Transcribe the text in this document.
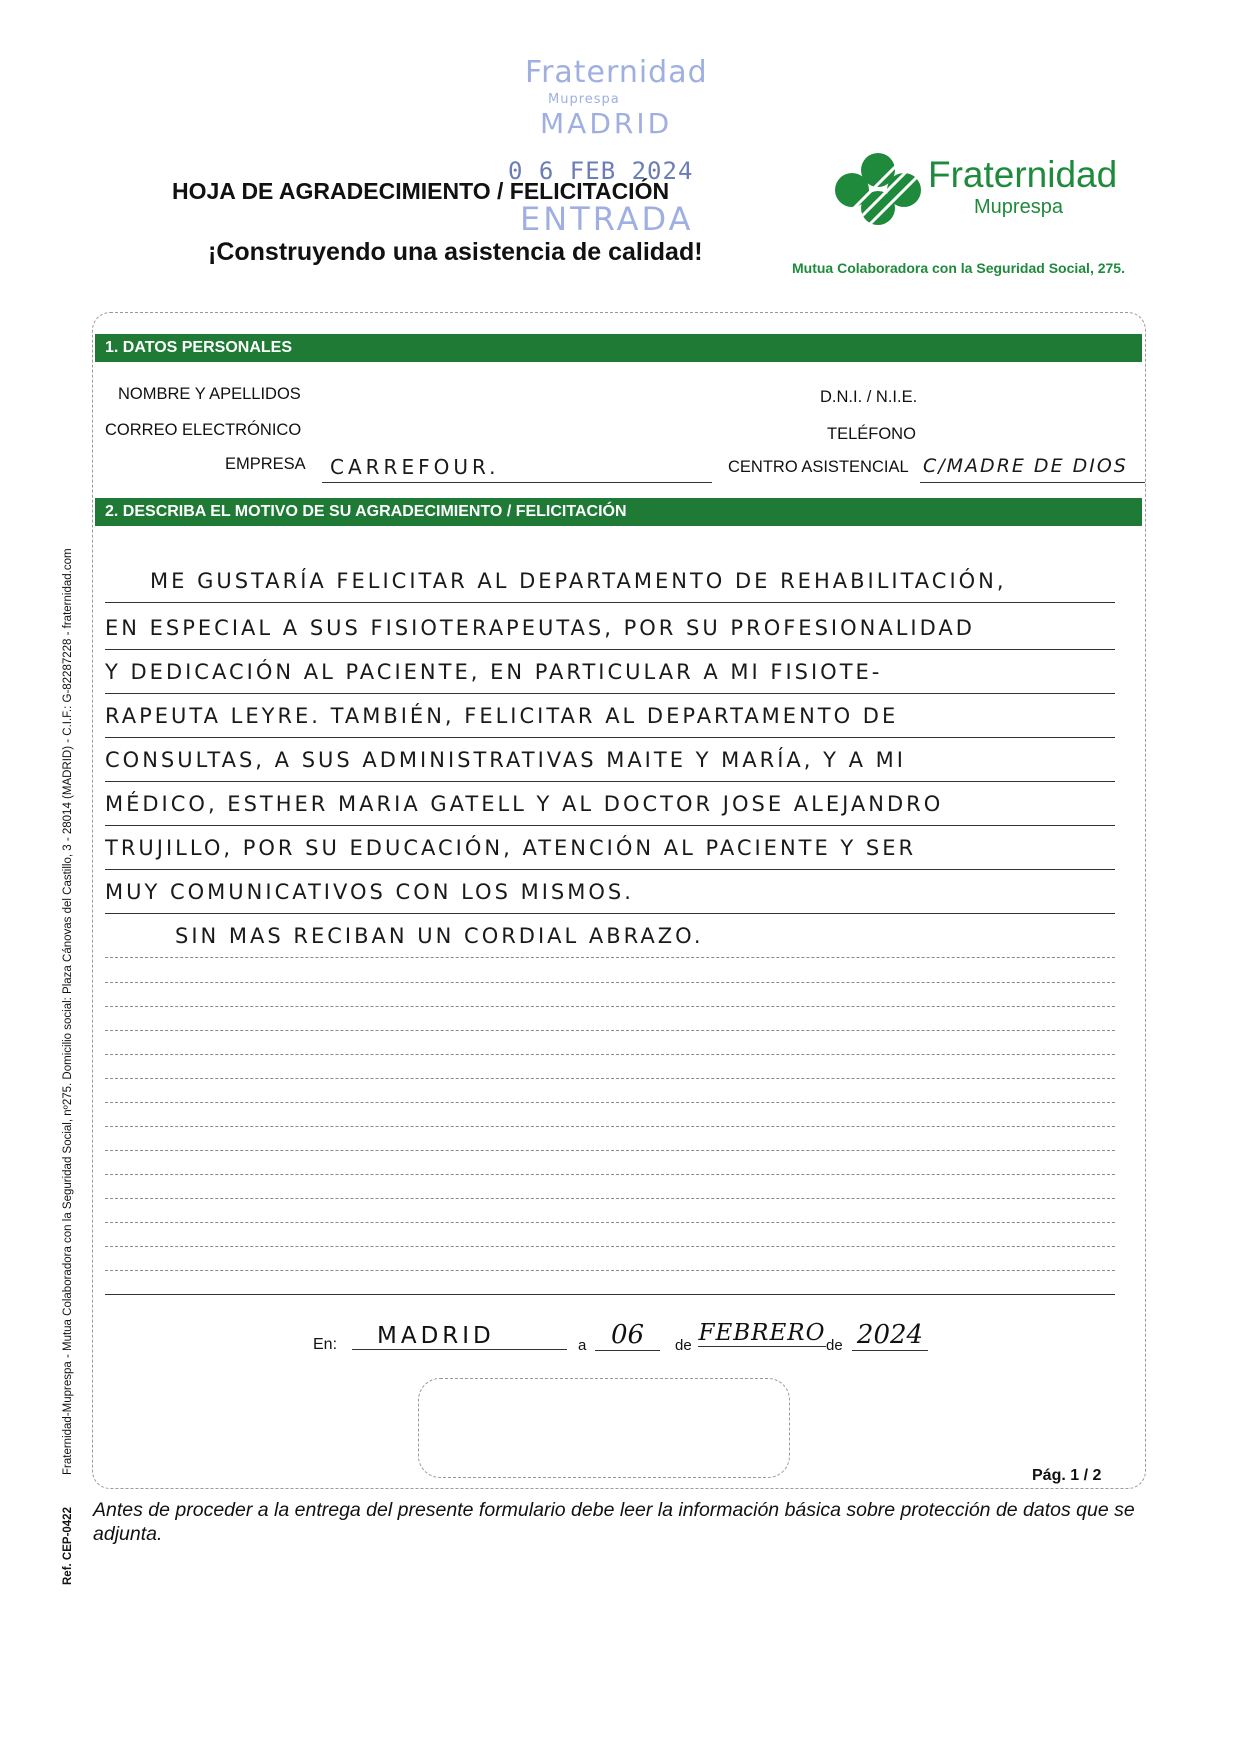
Fraternidad
Muprespa
MADRID
0 6 FEB 2024
ENTRADA
HOJA DE AGRADECIMIENTO / FELICITACIÓN
¡Construyendo una asistencia de calidad!
Fraternidad
Muprespa
Mutua Colaboradora con la Seguridad Social, 275.
Fraternidad-Muprespa - Mutua Colaboradora con la Seguridad Social, nº275. Domicilio social: Plaza Cánovas del Castillo, 3 - 28014 (MADRID) - C.I.F.: G-82287228 - fraternidad.com
Ref. CEP-0422
1. DATOS PERSONALES
NOMBRE Y APELLIDOS	D.N.I. / N.I.E.
CORREO ELECTRÓNICO	TELÉFONO
EMPRESA CARREFOUR.	CENTRO ASISTENCIAL C/MADRE DE DIOS
2. DESCRIBA EL MOTIVO DE SU AGRADECIMIENTO / FELICITACIÓN
ME GUSTARÍA FELICITAR AL DEPARTAMENTO DE REHABILITACIÓN,
EN ESPECIAL A SUS FISIOTERAPEUTAS, POR SU PROFESIONALIDAD
Y DEDICACIÓN AL PACIENTE, EN PARTICULAR A MI FISIOTE-
RAPEUTA LEYRE. TAMBIÉN, FELICITAR AL DEPARTAMENTO DE
CONSULTAS, A SUS ADMINISTRATIVAS MAITE Y MARÍA, Y A MI
MÉDICO, ESTHER MARIA GATELL Y AL DOCTOR JOSE ALEJANDRO
TRUJILLO, POR SU EDUCACIÓN, ATENCIÓN AL PACIENTE Y SER
MUY COMUNICATIVOS CON LOS MISMOS.
SIN MAS RECIBAN UN CORDIAL ABRAZO.
En:	MADRID	a 06	de FEBRERO de 2024
Pág. 1 / 2
Antes de proceder a la entrega del presente formulario debe leer la información básica sobre protección de datos que se adjunta.
